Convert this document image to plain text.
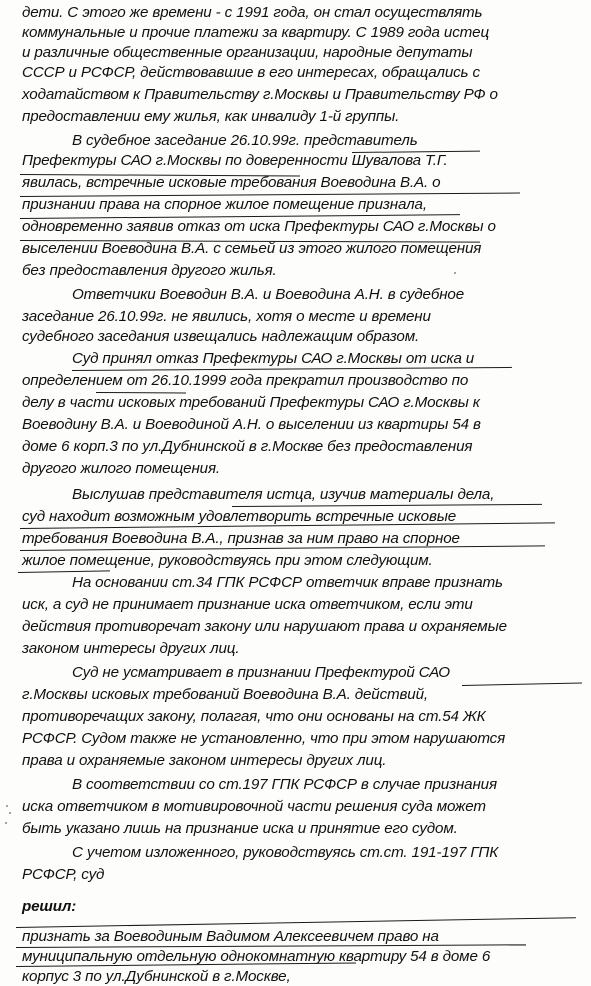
дети. С этого же времени - с 1991 года, он стал осуществлять
коммунальные и прочие платежи за квартиру. С 1989 года истец
и различные общественные организации, народные депутаты
СССР и РСФСР, действовавшие в его интересах, обращались с
ходатайством к Правительству г.Москвы и Правительству РФ о
предоставлении ему жилья, как инвалиду 1-й группы.
В судебное заседание 26.10.99г. представитель
Префектуры САО г.Москвы по доверенности Шувалова Т.Г.
явилась, встречные исковые требования Воеводина В.А. о
признании права на спорное жилое помещение признала,
одновременно заявив отказ от иска Префектуры САО г.Москвы о
выселении Воеводина В.А. с семьей из этого жилого помещения
без предоставления другого жилья.
Ответчики Воеводин В.А. и Воеводина А.Н. в судебное
заседание 26.10.99г. не явились, хотя о месте и времени
судебного заседания извещались надлежащим образом.
Суд принял отказ Префектуры САО г.Москвы от иска и
определением от 26.10.1999 года прекратил производство по
делу в части исковых требований Префектуры САО г.Москвы к
Воеводину В.А. и Воеводиной А.Н. о выселении из квартиры 54 в
доме 6 корп.3 по ул.Дубнинской в г.Москве без предоставления
другого жилого помещения.
Выслушав представителя истца, изучив материалы дела,
суд находит возможным удовлетворить встречные исковые
требования Воеводина В.А., признав за ним право на спорное
жилое помещение, руководствуясь при этом следующим.
На основании ст.34 ГПК РСФСР ответчик вправе признать
иск, а суд не принимает признание иска ответчиком, если эти
действия противоречат закону или нарушают права и охраняемые
законом интересы других лиц.
Суд не усматривает в признании Префектурой САО
г.Москвы исковых требований Воеводина В.А. действий,
противоречащих закону, полагая, что они основаны на ст.54 ЖК
РСФСР. Судом также не установленно, что при этом нарушаются
права и охраняемые законом интересы других лиц.
В соответствии со ст.197 ГПК РСФСР в случае признания
иска ответчиком в мотивировочной части решения суда может
быть указано лишь на признание иска и принятие его судом.
С учетом изложенного, руководствуясь ст.ст. 191-197 ГПК
РСФСР, суд
решил:
признать за Воеводиным Вадимом Алексеевичем право на
муниципальную отдельную однокомнатную квартиру 54 в доме 6
корпус 3 по ул.Дубнинской в г.Москве,
